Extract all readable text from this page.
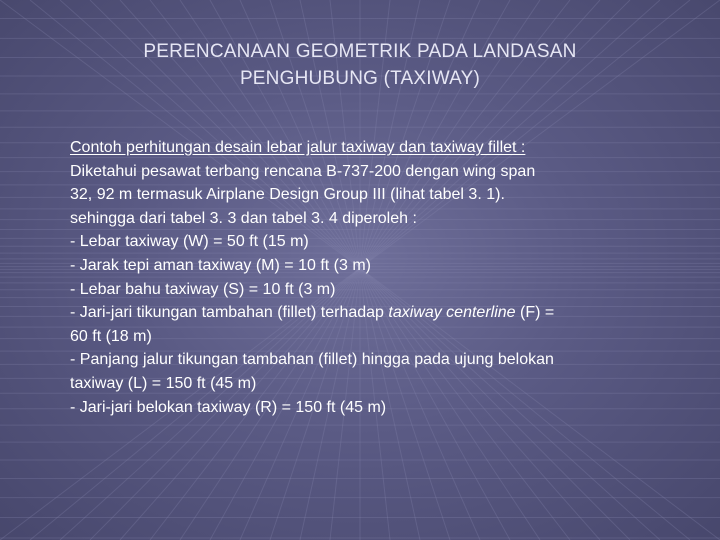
PERENCANAAN GEOMETRIK PADA LANDASAN
PENGHUBUNG (TAXIWAY)
Contoh perhitungan desain lebar jalur taxiway dan taxiway fillet :
Diketahui pesawat terbang rencana B-737-200 dengan wing span
32, 92 m termasuk Airplane Design Group III (lihat tabel 3. 1).
sehingga dari tabel 3. 3 dan tabel 3. 4 diperoleh :
- Lebar taxiway (W) = 50 ft (15 m)
- Jarak tepi aman taxiway (M) = 10 ft (3 m)
- Lebar bahu taxiway (S) = 10 ft (3 m)
- Jari-jari tikungan tambahan (fillet) terhadap taxiway centerline (F) =
60 ft (18 m)
- Panjang jalur tikungan tambahan (fillet) hingga pada ujung belokan
taxiway (L) = 150 ft (45 m)
- Jari-jari belokan taxiway (R) = 150 ft (45 m)
